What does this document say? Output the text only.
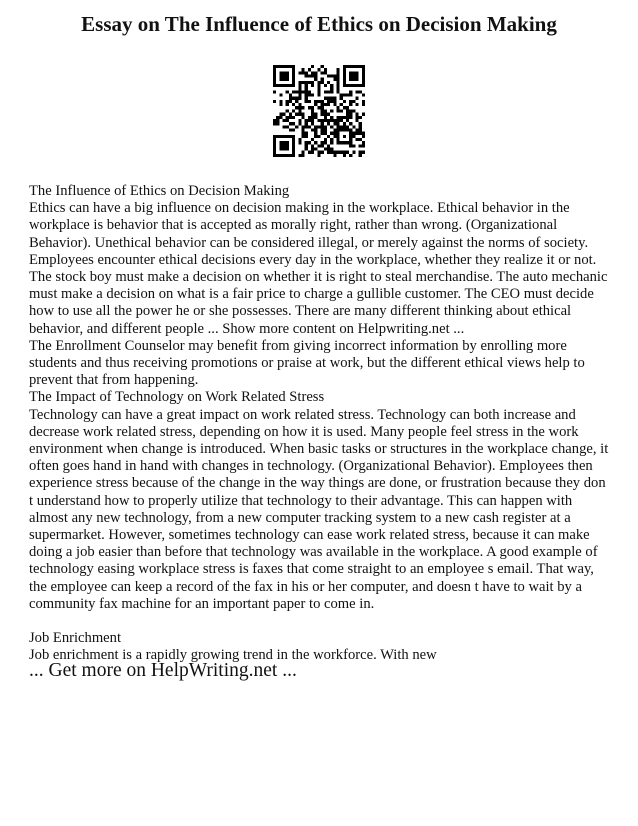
Essay on The Influence of Ethics on Decision Making

The Influence of Ethics on Decision Making

Ethics can have a big influence on decision making in the workplace. Ethical behavior in the workplace is behavior that is accepted as morally right, rather than wrong. (Organizational Behavior). Unethical behavior can be considered illegal, or merely against the norms of society. Employees encounter ethical decisions every day in the workplace, whether they realize it or not. The stock boy must make a decision on whether it is right to steal merchandise. The auto mechanic must make a decision on what is a fair price to charge a gullible customer. The CEO must decide how to use all the power he or she possesses. There are many different thinking about ethical behavior, and different people ... Show more content on Helpwriting.net ...

The Enrollment Counselor may benefit from giving incorrect information by enrolling more students and thus receiving promotions or praise at work, but the different ethical views help to prevent that from happening.

The Impact of Technology on Work Related Stress

Technology can have a great impact on work related stress. Technology can both increase and decrease work related stress, depending on how it is used. Many people feel stress in the work environment when change is introduced. When basic tasks or structures in the workplace change, it often goes hand in hand with changes in technology. (Organizational Behavior). Employees then experience stress because of the change in the way things are done, or frustration because they don t understand how to properly utilize that technology to their advantage. This can happen with almost any new technology, from a new computer tracking system to a new cash register at a supermarket. However, sometimes technology can ease work related stress, because it can make doing a job easier than before that technology was available in the workplace. A good example of technology easing workplace stress is faxes that come straight to an employee s email. That way, the employee can keep a record of the fax in his or her computer, and doesn t have to wait by a community fax machine for an important paper to come in.

Job Enrichment

Job enrichment is a rapidly growing trend in the workforce. With new

... Get more on HelpWriting.net ...
